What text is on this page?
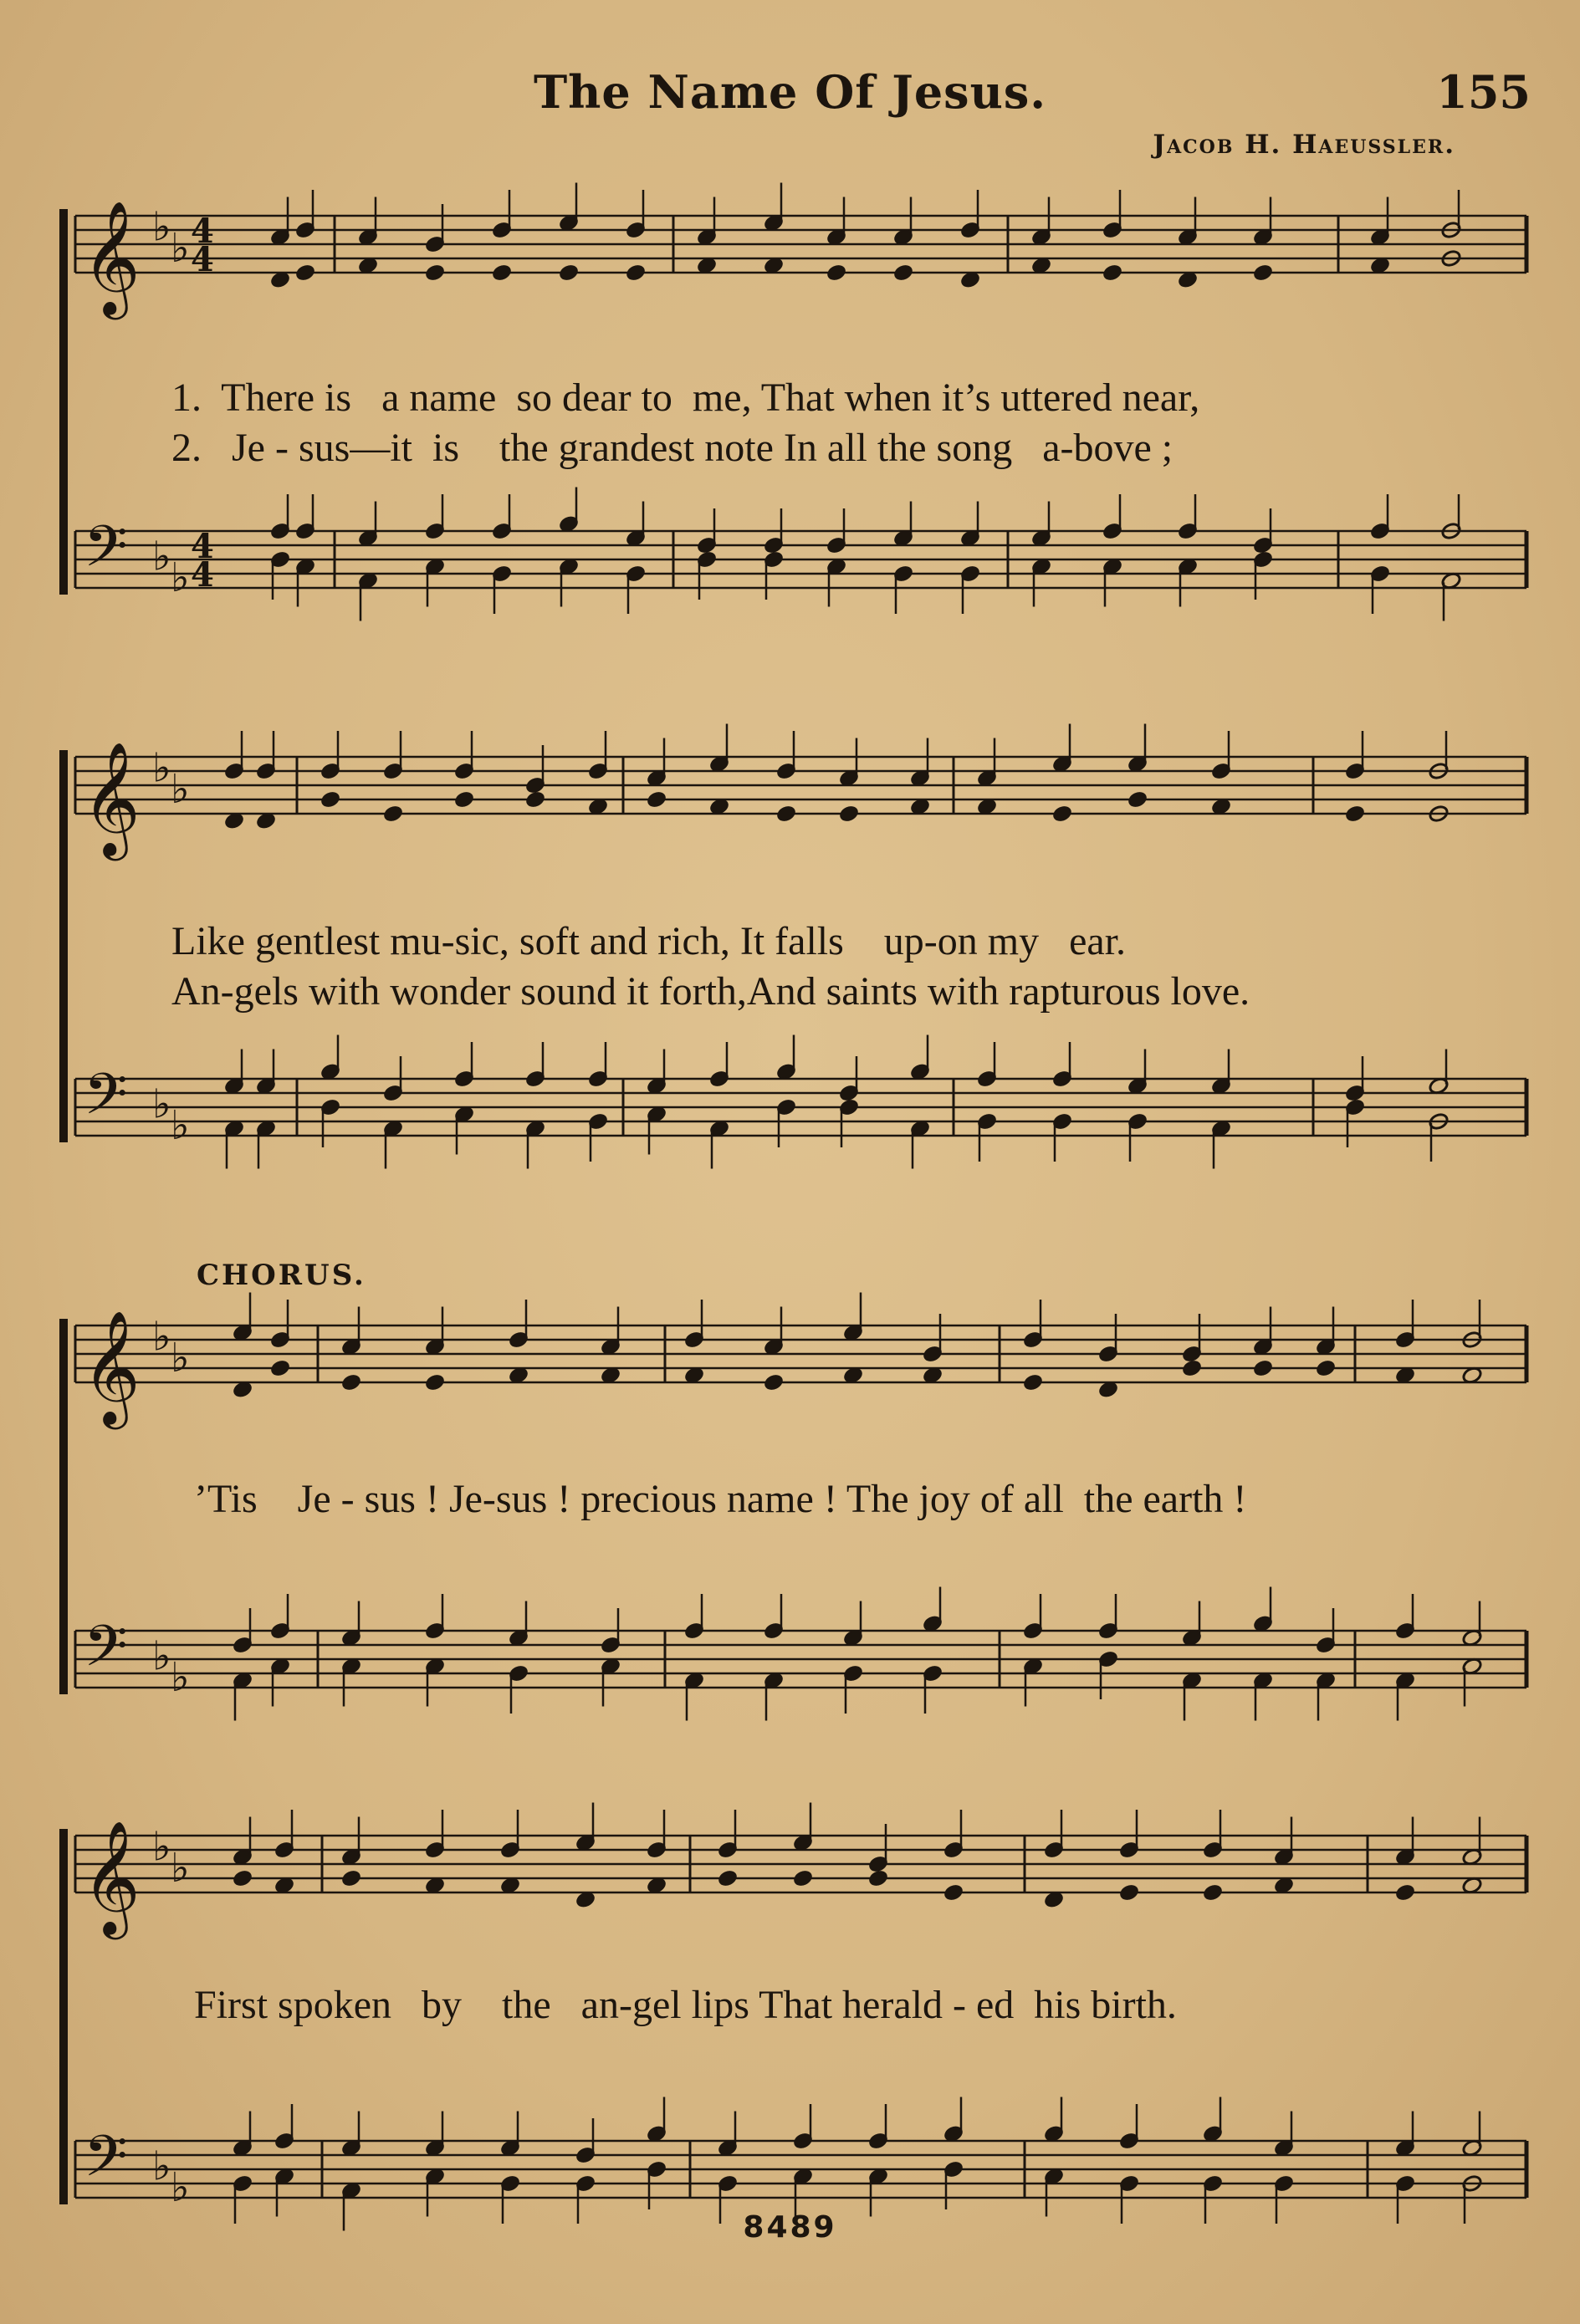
The Name Of Jesus.	155
Jacob H. Haeussler.
𝄞
𝄢
♭ ♭
♭ ♭
4
4
4
4
𝄞
𝄢
♭ ♭
♭ ♭
𝄞
𝄢
♭ ♭
♭ ♭
𝄞
𝄢
♭ ♭
♭ ♭
1.  There is   a name  so dear to  me, That when it’s uttered near,
2.   Je - sus—it  is    the grandest note In all the song   a-bove ;
Like gentlest mu-sic, soft and rich, It falls    up-on my   ear.
An-gels with wonder sound it forth,And saints with rapturous love.
CHORUS.
’Tis    Je - sus ! Je-sus ! precious name ! The joy of all  the earth !
First spoken   by    the   an-gel lips That herald - ed  his birth.
8489
